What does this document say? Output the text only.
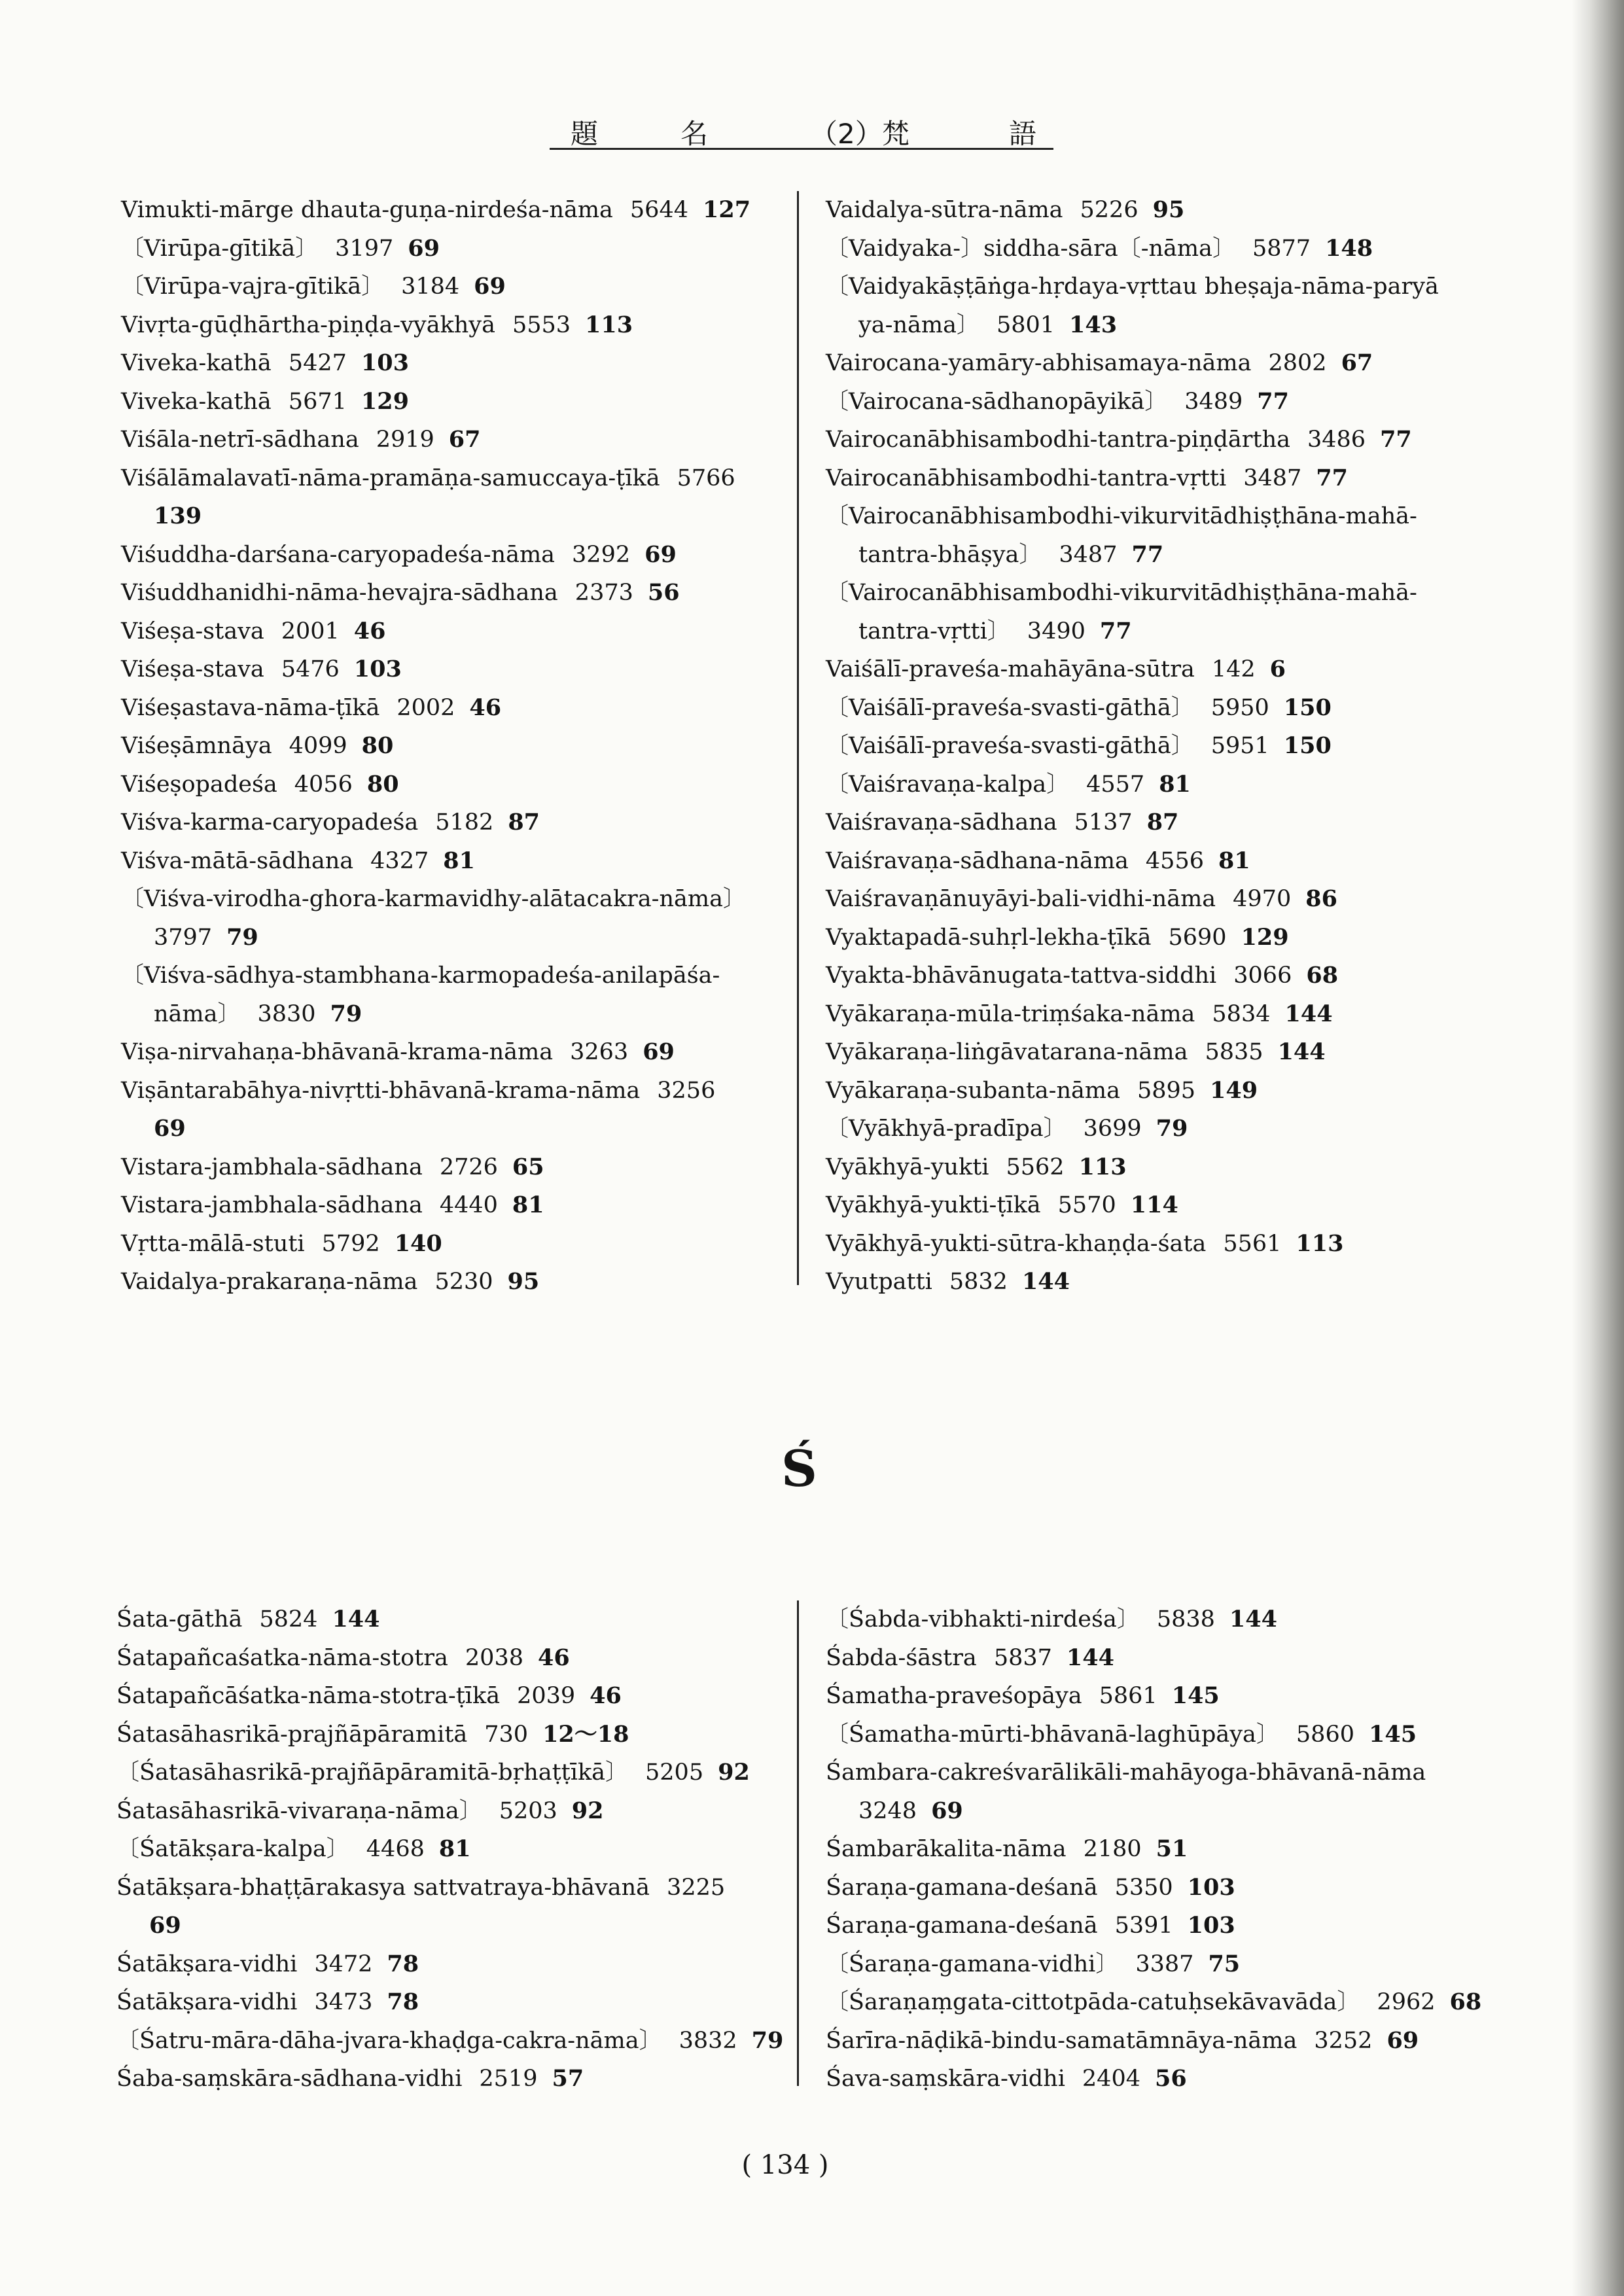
題	名	（2） 梵	語
Vimukti-mārge dhauta-guṇa-nirdeśa-nāma 5644 127
〔Virūpa-gītikā〕 3197 69
〔Virūpa-vajra-gītikā〕 3184 69
Vivṛta-gūḍhārtha-piṇḍa-vyākhyā 5553 113
Viveka-kathā 5427 103
Viveka-kathā 5671 129
Viśāla-netrī-sādhana 2919 67
Viśālāmalavatī-nāma-pramāṇa-samuccaya-ṭīkā 5766
139
Viśuddha-darśana-caryopadeśa-nāma 3292 69
Viśuddhanidhi-nāma-hevajra-sādhana 2373 56
Viśeṣa-stava 2001 46
Viśeṣa-stava 5476 103
Viśeṣastava-nāma-ṭīkā 2002 46
Viśeṣāmnāya 4099 80
Viśeṣopadeśa 4056 80
Viśva-karma-caryopadeśa 5182 87
Viśva-mātā-sādhana 4327 81
〔Viśva-virodha-ghora-karmavidhy-alātacakra-nāma〕
3797 79
〔Viśva-sādhya-stambhana-karmopadeśa-anilapāśa-
nāma〕 3830 79
Viṣa-nirvahaṇa-bhāvanā-krama-nāma 3263 69
Viṣāntarabāhya-nivṛtti-bhāvanā-krama-nāma 3256
69
Vistara-jambhala-sādhana 2726 65
Vistara-jambhala-sādhana 4440 81
Vṛtta-mālā-stuti 5792 140
Vaidalya-prakaraṇa-nāma 5230 95
Vaidalya-sūtra-nāma 5226 95
〔Vaidyaka-〕siddha-sāra〔-nāma〕 5877 148
〔Vaidyakāṣṭāṅga-hṛdaya-vṛttau bheṣaja-nāma-paryā
ya-nāma〕 5801 143
Vairocana-yamāry-abhisamaya-nāma 2802 67
〔Vairocana-sādhanopāyikā〕 3489 77
Vairocanābhisambodhi-tantra-piṇḍārtha 3486 77
Vairocanābhisambodhi-tantra-vṛtti 3487 77
〔Vairocanābhisambodhi-vikurvitādhiṣṭhāna-mahā-
tantra-bhāṣya〕 3487 77
〔Vairocanābhisambodhi-vikurvitādhiṣṭhāna-mahā-
tantra-vṛtti〕 3490 77
Vaiśālī-praveśa-mahāyāna-sūtra 142 6
〔Vaiśālī-praveśa-svasti-gāthā〕 5950 150
〔Vaiśālī-praveśa-svasti-gāthā〕 5951 150
〔Vaiśravaṇa-kalpa〕 4557 81
Vaiśravaṇa-sādhana 5137 87
Vaiśravaṇa-sādhana-nāma 4556 81
Vaiśravaṇānuyāyi-bali-vidhi-nāma 4970 86
Vyaktapadā-suhṛl-lekha-ṭīkā 5690 129
Vyakta-bhāvānugata-tattva-siddhi 3066 68
Vyākaraṇa-mūla-triṃśaka-nāma 5834 144
Vyākaraṇa-liṅgāvatarana-nāma 5835 144
Vyākaraṇa-subanta-nāma 5895 149
〔Vyākhyā-pradīpa〕 3699 79
Vyākhyā-yukti 5562 113
Vyākhyā-yukti-ṭīkā 5570 114
Vyākhyā-yukti-sūtra-khaṇḍa-śata 5561 113
Vyutpatti 5832 144
Ś
Śata-gāthā 5824 144
Śatapañcaśatka-nāma-stotra 2038 46
Śatapañcāśatka-nāma-stotra-ṭīkā 2039 46
Śatasāhasrikā-prajñāpāramitā 730 12～18
〔Śatasāhasrikā-prajñāpāramitā-bṛhaṭṭīkā〕 5205 92
Śatasāhasrikā-vivaraṇa-nāma〕 5203 92
〔Śatākṣara-kalpa〕 4468 81
Śatākṣara-bhaṭṭārakasya sattvatraya-bhāvanā 3225
69
Śatākṣara-vidhi 3472 78
Śatākṣara-vidhi 3473 78
〔Śatru-māra-dāha-jvara-khaḍga-cakra-nāma〕 3832 79
Śaba-saṃskāra-sādhana-vidhi 2519 57
〔Śabda-vibhakti-nirdeśa〕 5838 144
Śabda-śāstra 5837 144
Śamatha-praveśopāya 5861 145
〔Śamatha-mūrti-bhāvanā-laghūpāya〕 5860 145
Śambara-cakreśvarālikāli-mahāyoga-bhāvanā-nāma
3248 69
Śambarākalita-nāma 2180 51
Śaraṇa-gamana-deśanā 5350 103
Śaraṇa-gamana-deśanā 5391 103
〔Śaraṇa-gamana-vidhi〕 3387 75
〔Śaraṇaṃgata-cittotpāda-catuḥsekāvavāda〕 2962 68
Śarīra-nāḍikā-bindu-samatāmnāya-nāma 3252 69
Śava-saṃskāra-vidhi 2404 56
( 134 )
